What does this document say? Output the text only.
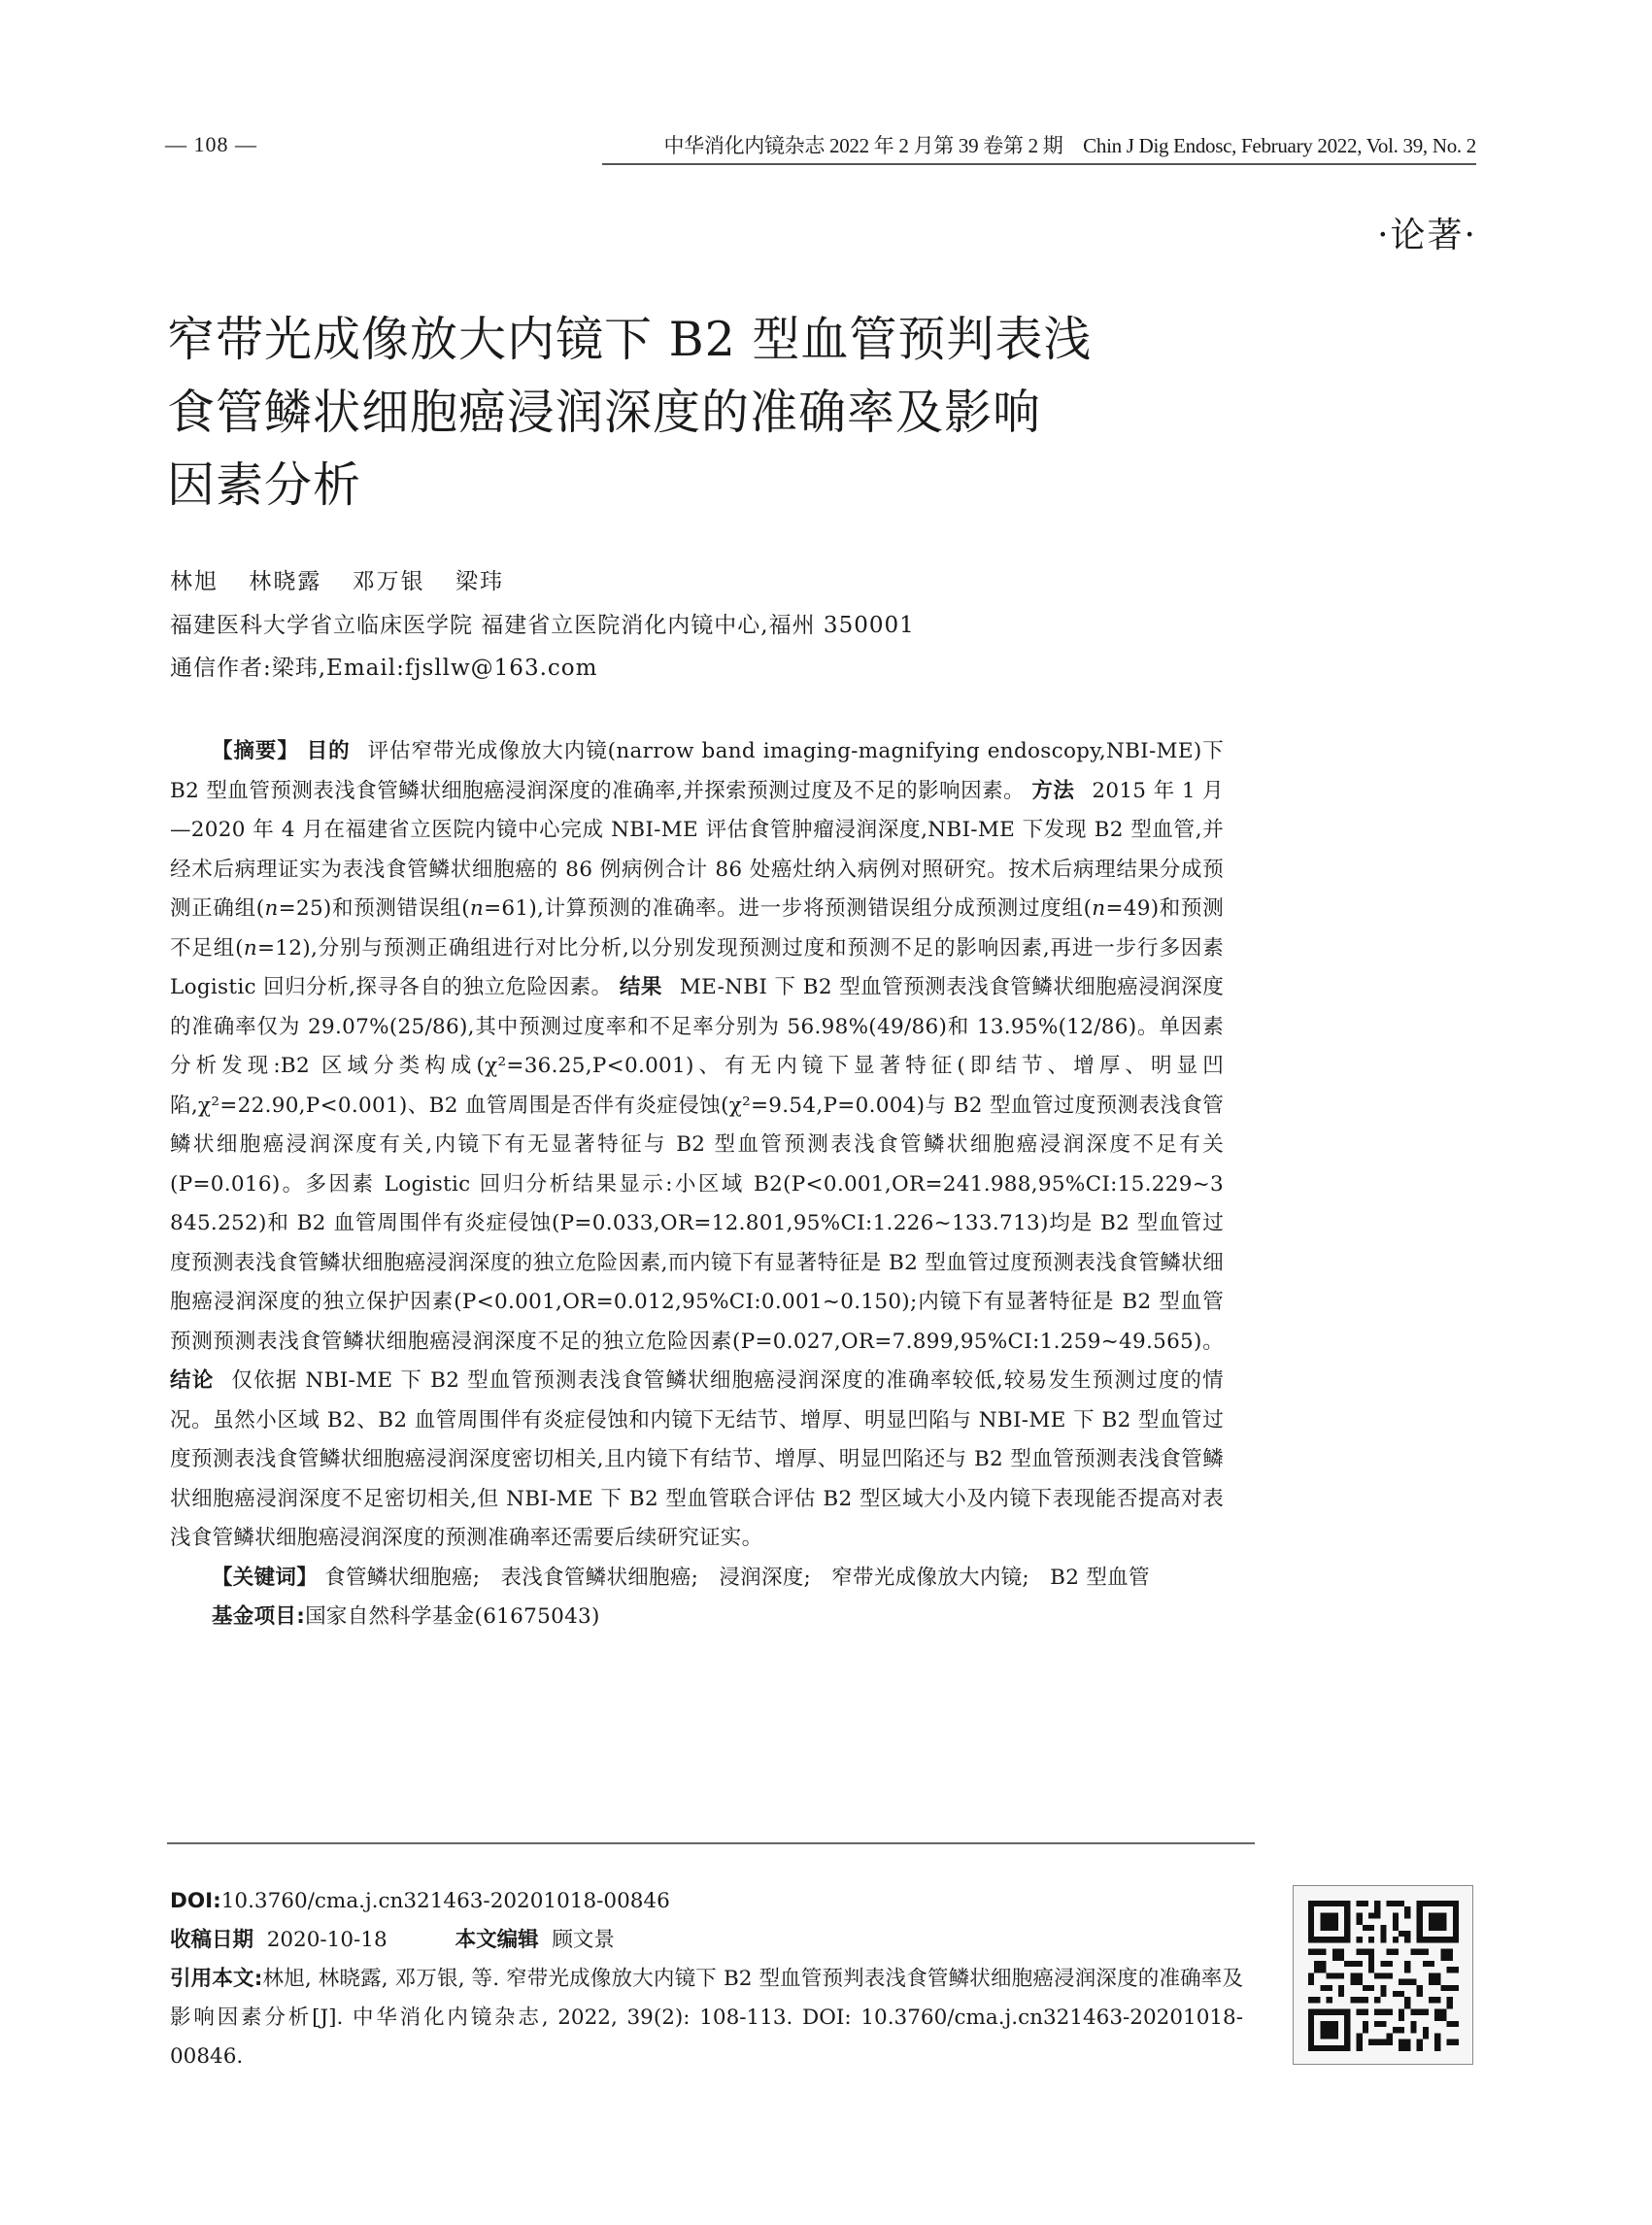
— 108 —	中华消化内镜杂志 2022 年 2 月第 39 卷第 2 期　Chin J Dig Endosc, February 2022, Vol. 39, No. 2
·论著·
窄带光成像放大内镜下 B2 型血管预判表浅
食管鳞状细胞癌浸润深度的准确率及影响
因素分析
林旭 林晓露 邓万银 梁玮
福建医科大学省立临床医学院 福建省立医院消化内镜中心,福州 350001
通信作者:梁玮,Email:fjsllw@163.com

【摘要】 目的 评估窄带光成像放大内镜(narrow band imaging-magnifying endoscopy,NBI-ME)下 B2 型血管预测表浅食管鳞状细胞癌浸润深度的准确率,并探索预测过度及不足的影响因素。 方法 2015 年 1 月—2020 年 4 月在福建省立医院内镜中心完成 NBI-ME 评估食管肿瘤浸润深度,NBI-ME 下发现 B2 型血管,并经术后病理证实为表浅食管鳞状细胞癌的 86 例病例合计 86 处癌灶纳入病例对照研究。按术后病理结果分成预测正确组(n=25)和预测错误组(n=61),计算预测的准确率。进一步将预测错误组分成预测过度组(n=49)和预测不足组(n=12),分别与预测正确组进行对比分析,以分别发现预测过度和预测不足的影响因素,再进一步行多因素 Logistic 回归分析,探寻各自的独立危险因素。 结果 ME-NBI 下 B2 型血管预测表浅食管鳞状细胞癌浸润深度的准确率仅为 29.07%(25/86),其中预测过度率和不足率分别为 56.98%(49/86)和 13.95%(12/86)。单因素分析发现:B2 区域分类构成(χ²=36.25,P<0.001)、有无内镜下显著特征(即结节、增厚、明显凹陷,χ²=22.90,P<0.001)、B2 血管周围是否伴有炎症侵蚀(χ²=9.54,P=0.004)与 B2 型血管过度预测表浅食管鳞状细胞癌浸润深度有关,内镜下有无显著特征与 B2 型血管预测表浅食管鳞状细胞癌浸润深度不足有关(P=0.016)。多因素 Logistic 回归分析结果显示:小区域 B2(P<0.001,OR=241.988,95%CI:15.229~3 845.252)和 B2 血管周围伴有炎症侵蚀(P=0.033,OR=12.801,95%CI:1.226~133.713)均是 B2 型血管过度预测表浅食管鳞状细胞癌浸润深度的独立危险因素,而内镜下有显著特征是 B2 型血管过度预测表浅食管鳞状细胞癌浸润深度的独立保护因素(P<0.001,OR=0.012,95%CI:0.001~0.150);内镜下有显著特征是 B2 型血管预测预测表浅食管鳞状细胞癌浸润深度不足的独立危险因素(P=0.027,OR=7.899,95%CI:1.259~49.565)。 结论 仅依据 NBI-ME 下 B2 型血管预测表浅食管鳞状细胞癌浸润深度的准确率较低,较易发生预测过度的情况。虽然小区域 B2、B2 血管周围伴有炎症侵蚀和内镜下无结节、增厚、明显凹陷与 NBI-ME 下 B2 型血管过度预测表浅食管鳞状细胞癌浸润深度密切相关,且内镜下有结节、增厚、明显凹陷还与 B2 型血管预测表浅食管鳞状细胞癌浸润深度不足密切相关,但 NBI-ME 下 B2 型血管联合评估 B2 型区域大小及内镜下表现能否提高对表浅食管鳞状细胞癌浸润深度的预测准确率还需要后续研究证实。

【关键词】 食管鳞状细胞癌; 表浅食管鳞状细胞癌; 浸润深度; 窄带光成像放大内镜; B2 型血管

基金项目:国家自然科学基金(61675043)

DOI:10.3760/cma.j.cn321463-20201018-00846

收稿日期 2020-10-18	本文编辑 顾文景

引用本文:林旭, 林晓露, 邓万银, 等. 窄带光成像放大内镜下 B2 型血管预判表浅食管鳞状细胞癌浸润深度的准确率及影响因素分析[J]. 中华消化内镜杂志, 2022, 39(2): 108-113. DOI: 10.3760/cma.j.cn321463-20201018-00846.
